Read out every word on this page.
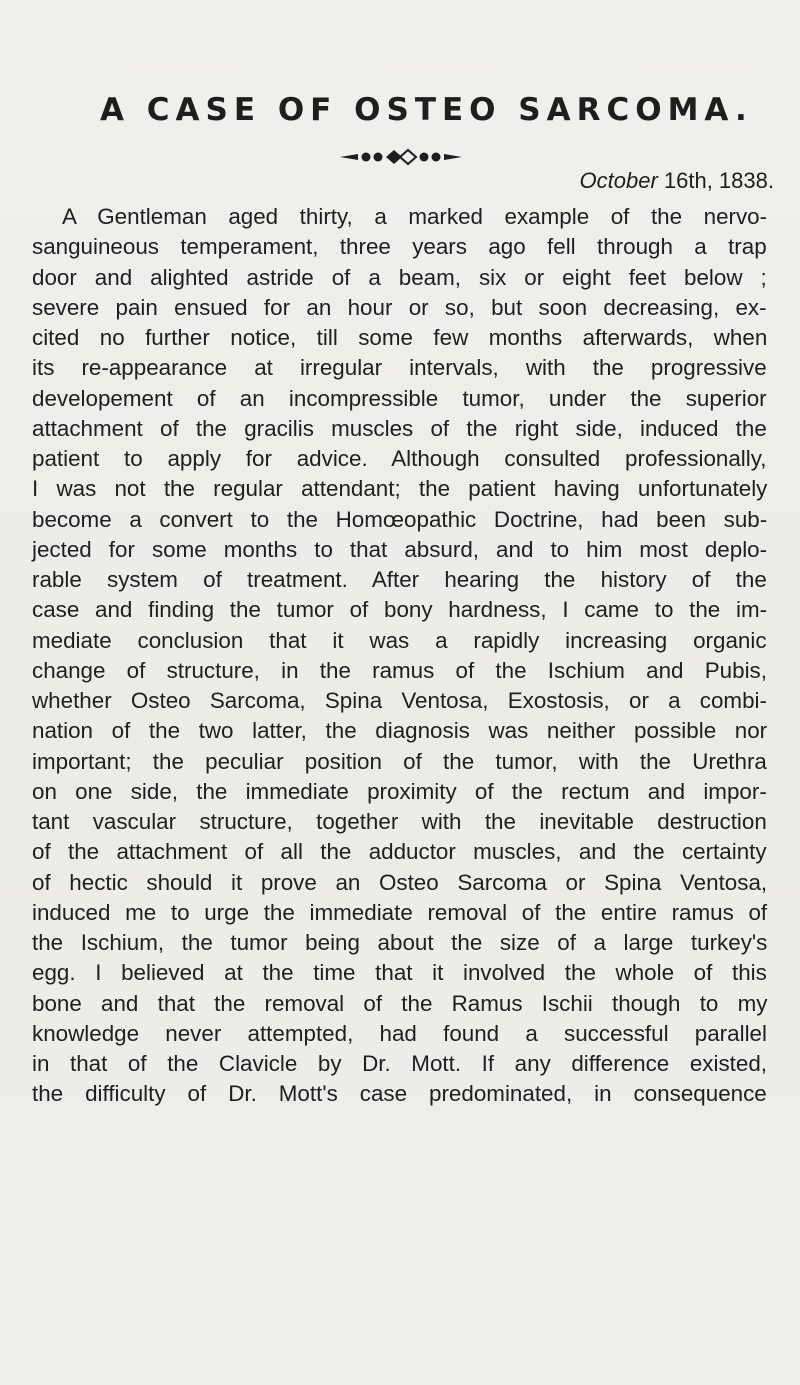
A CASE OF OSTEO SARCOMA.
October 16th, 1838.
A Gentleman aged thirty, a marked example of the nervo-
sanguineous temperament, three years ago fell through a trap
door and alighted astride of a beam, six or eight feet below ;
severe pain ensued for an hour or so, but soon decreasing, ex-
cited no further notice, till some few months afterwards, when
its re-appearance at irregular intervals, with the progressive
developement of an incompressible tumor, under the superior
attachment of the gracilis muscles of the right side, induced the
patient to apply for advice. Although consulted professionally,
I was not the regular attendant; the patient having unfortunately
become a convert to the Homœopathic Doctrine, had been sub-
jected for some months to that absurd, and to him most deplo-
rable system of treatment. After hearing the history of the
case and finding the tumor of bony hardness, I came to the im-
mediate conclusion that it was a rapidly increasing organic
change of structure, in the ramus of the Ischium and Pubis,
whether Osteo Sarcoma, Spina Ventosa, Exostosis, or a combi-
nation of the two latter, the diagnosis was neither possible nor
important; the peculiar position of the tumor, with the Urethra
on one side, the immediate proximity of the rectum and impor-
tant vascular structure, together with the inevitable destruction
of the attachment of all the adductor muscles, and the certainty
of hectic should it prove an Osteo Sarcoma or Spina Ventosa,
induced me to urge the immediate removal of the entire ramus of
the Ischium, the tumor being about the size of a large turkey's
egg. I believed at the time that it involved the whole of this
bone and that the removal of the Ramus Ischii though to my
knowledge never attempted, had found a successful parallel
in that of the Clavicle by Dr. Mott. If any difference existed,
the difficulty of Dr. Mott's case predominated, in consequence
